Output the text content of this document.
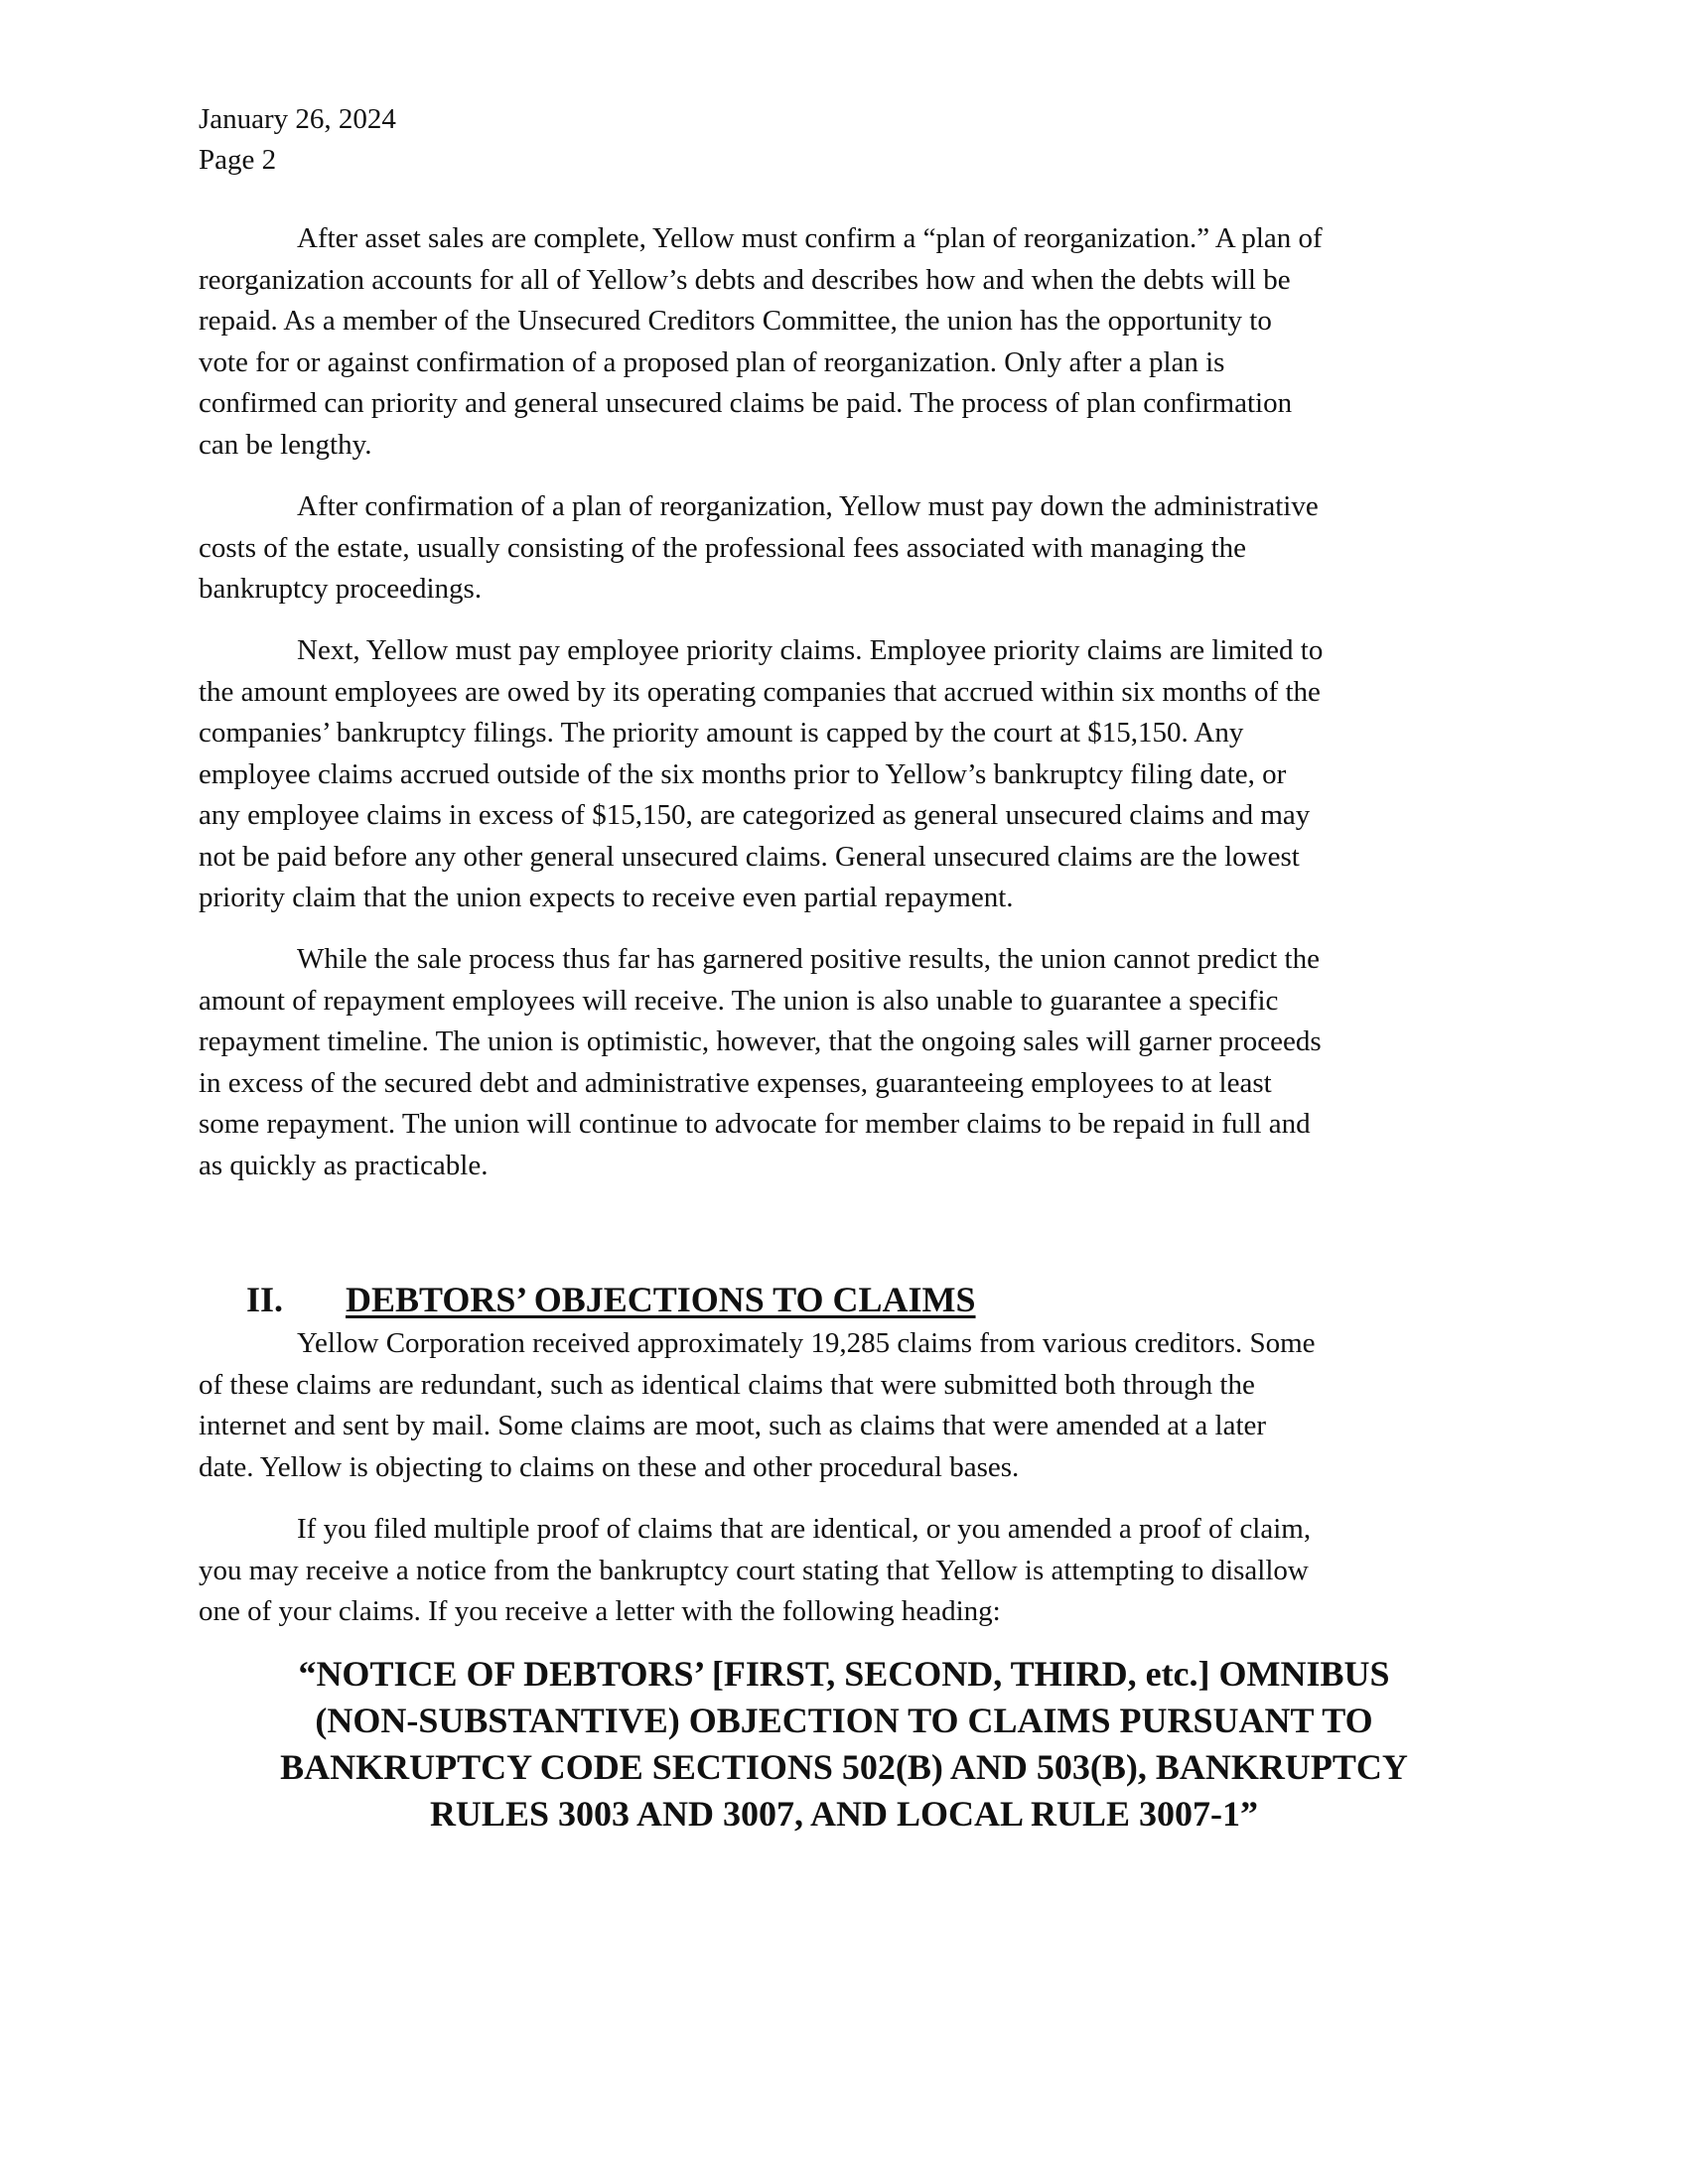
January 26, 2024
Page 2

After asset sales are complete, Yellow must confirm a “plan of reorganization.” A plan of
reorganization accounts for all of Yellow’s debts and describes how and when the debts will be
repaid. As a member of the Unsecured Creditors Committee, the union has the opportunity to
vote for or against confirmation of a proposed plan of reorganization. Only after a plan is
confirmed can priority and general unsecured claims be paid. The process of plan confirmation
can be lengthy.

After confirmation of a plan of reorganization, Yellow must pay down the administrative
costs of the estate, usually consisting of the professional fees associated with managing the
bankruptcy proceedings.

Next, Yellow must pay employee priority claims. Employee priority claims are limited to
the amount employees are owed by its operating companies that accrued within six months of the
companies’ bankruptcy filings. The priority amount is capped by the court at $15,150. Any
employee claims accrued outside of the six months prior to Yellow’s bankruptcy filing date, or
any employee claims in excess of $15,150, are categorized as general unsecured claims and may
not be paid before any other general unsecured claims. General unsecured claims are the lowest
priority claim that the union expects to receive even partial repayment.

While the sale process thus far has garnered positive results, the union cannot predict the
amount of repayment employees will receive. The union is also unable to guarantee a specific
repayment timeline. The union is optimistic, however, that the ongoing sales will garner proceeds
in excess of the secured debt and administrative expenses, guaranteeing employees to at least
some repayment. The union will continue to advocate for member claims to be repaid in full and
as quickly as practicable.

II. DEBTORS’ OBJECTIONS TO CLAIMS

Yellow Corporation received approximately 19,285 claims from various creditors. Some
of these claims are redundant, such as identical claims that were submitted both through the
internet and sent by mail. Some claims are moot, such as claims that were amended at a later
date. Yellow is objecting to claims on these and other procedural bases.

If you filed multiple proof of claims that are identical, or you amended a proof of claim,
you may receive a notice from the bankruptcy court stating that Yellow is attempting to disallow
one of your claims. If you receive a letter with the following heading:

“NOTICE OF DEBTORS’ [FIRST, SECOND, THIRD, etc.] OMNIBUS
(NON-SUBSTANTIVE) OBJECTION TO CLAIMS PURSUANT TO
BANKRUPTCY CODE SECTIONS 502(B) AND 503(B), BANKRUPTCY
RULES 3003 AND 3007, AND LOCAL RULE 3007-1”
